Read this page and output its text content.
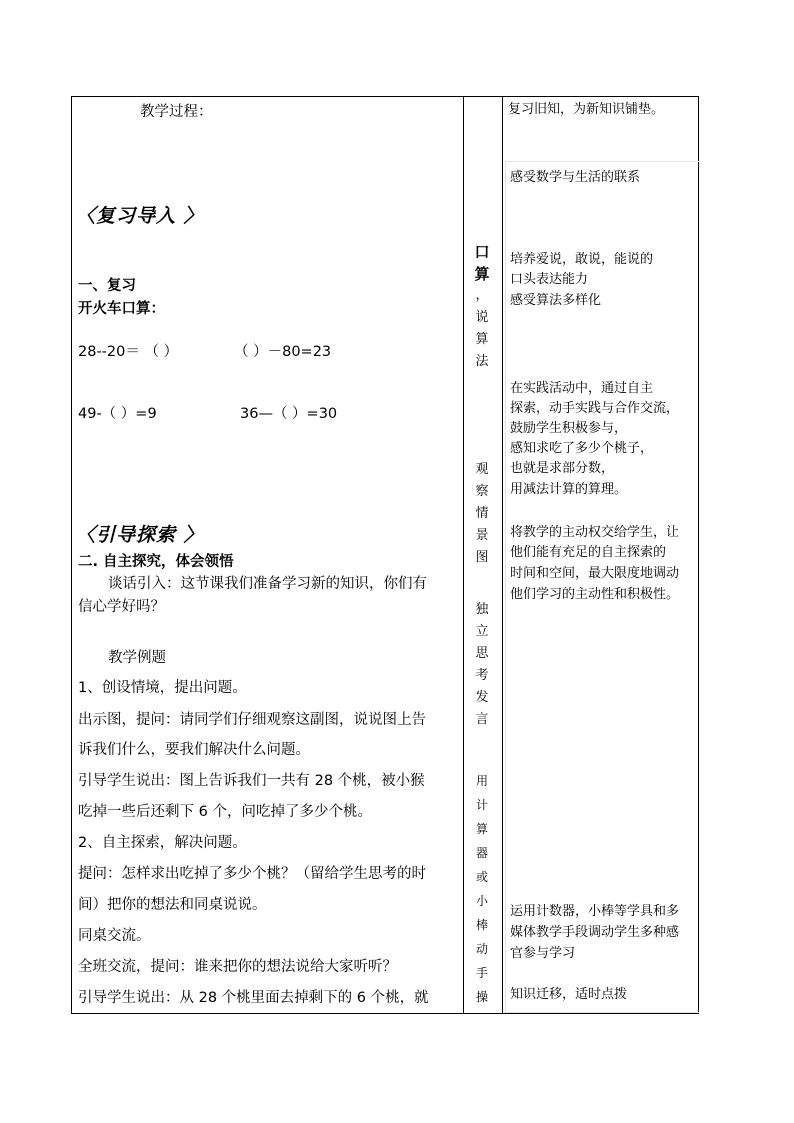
教学过程：
〈复习导入 〉
一、复习
开火车口算：
28--20＝ （ ）	（ ）－80=23
49-（ ）=9	36—（ ）=30
〈引导探索 〉
二. 自主探究，体会领悟
谈话引入：这节课我们准备学习新的知识，你们有
信心学好吗？
教学例题
1、创设情境，提出问题。
出示图，提问：请同学们仔细观察这副图，说说图上告
诉我们什么，要我们解决什么问题。
引导学生说出：图上告诉我们一共有 28 个桃，被小猴
吃掉一些后还剩下 6 个，问吃掉了多少个桃。
2、自主探索，解决问题。
提问：怎样求出吃掉了多少个桃？（留给学生思考的时
间）把你的想法和同桌说说。
同桌交流。
全班交流，提问：谁来把你的想法说给大家听听？
引导学生说出：从 28 个桃里面去掉剩下的 6 个桃，就
口
算
，
说
算
法
观
察
情
景
图
独
立
思
考
发
言
用
计
算
器
或
小
棒
动
手
操
复习旧知，为新知识铺垫。
感受数学与生活的联系
培养爱说，敢说，能说的
口头表达能力
感受算法多样化
在实践活动中，通过自主
探索，动手实践与合作交流，
鼓励学生积极参与，
感知求吃了多少个桃子，
也就是求部分数，
用减法计算的算理。
将教学的主动权交给学生，让
他们能有充足的自主探索的
时间和空间，最大限度地调动
他们学习的主动性和积极性。
运用计数器，小棒等学具和多
媒体教学手段调动学生多种感
官参与学习
知识迁移，适时点拨
